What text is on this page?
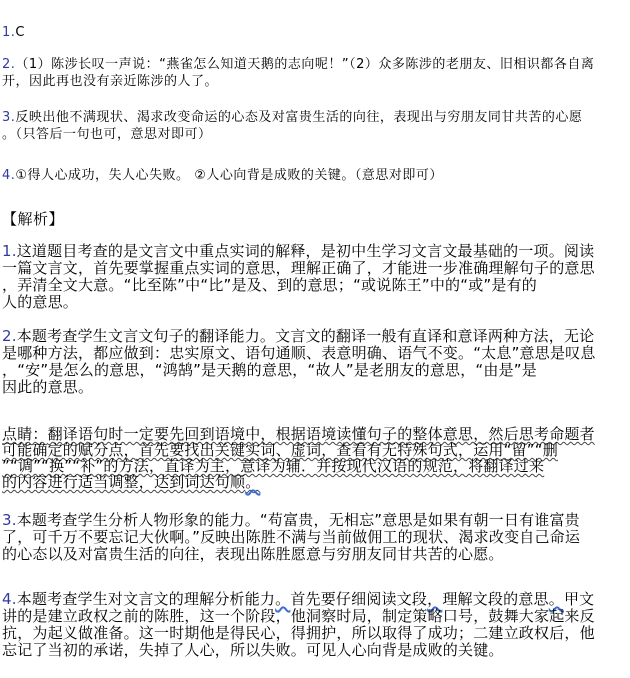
1.C
2.（1）陈涉长叹一声说：“燕雀怎么知道天鹅的志向呢！”（2）众多陈涉的老朋友、旧相识都各自离
开，因此再也没有亲近陈涉的人了。
3.反映出他不满现状、渴求改变命运的心态及对富贵生活的向往，表现出与穷朋友同甘共苦的心愿
。（只答后一句也可，意思对即可）
4.①得人心成功，失人心失败。 ②人心向背是成败的关键。（意思对即可）
【解析】
1.这道题目考查的是文言文中重点实词的解释，是初中生学习文言文最基础的一项。阅读
一篇文言文，首先要掌握重点实词的意思，理解正确了，才能进一步准确理解句子的意思
，弄清全文大意。“比至陈”中“比”是及、到的意思；“或说陈王”中的“或”是有的
人的意思。
2.本题考查学生文言文句子的翻译能力。文言文的翻译一般有直译和意译两种方法，无论
是哪种方法，都应做到：忠实原文、语句通顺、表意明确、语气不变。“太息”意思是叹息
，“安”是怎么的意思，“鸿鹄”是天鹅的意思，“故人”是老朋友的意思，“由是”是
因此的意思。
点睛：翻译语句时一定要先回到语境中，根据语境读懂句子的整体意思，然后思考命题者
可能确定的赋分点，首先要找出关键实词、虚词，查看有无特殊句式，运用“留”“删
”“调”“换”“补”的方法，直译为主，意译为辅．并按现代汉语的规范，将翻译过来
的内容进行适当调整，达到词达句顺。
3.本题考查学生分析人物形象的能力。“苟富贵，无相忘”意思是如果有朝一日有谁富贵
了，可千万不要忘记大伙啊。”反映出陈胜不满与当前做佣工的现状、渴求改变自己命运
的心态以及对富贵生活的向往，表现出陈胜愿意与穷朋友同甘共苦的心愿。
4.本题考查学生对文言文的理解分析能力。首先要仔细阅读文段，理解文段的意思。甲文
讲的是建立政权之前的陈胜，这一个阶段，他洞察时局，制定策略口号，鼓舞大家起来反
抗，为起义做准备。这一时期他是得民心，得拥护，所以取得了成功；二建立政权后，他
忘记了当初的承诺，失掉了人心，所以失败。可见人心向背是成败的关键。
